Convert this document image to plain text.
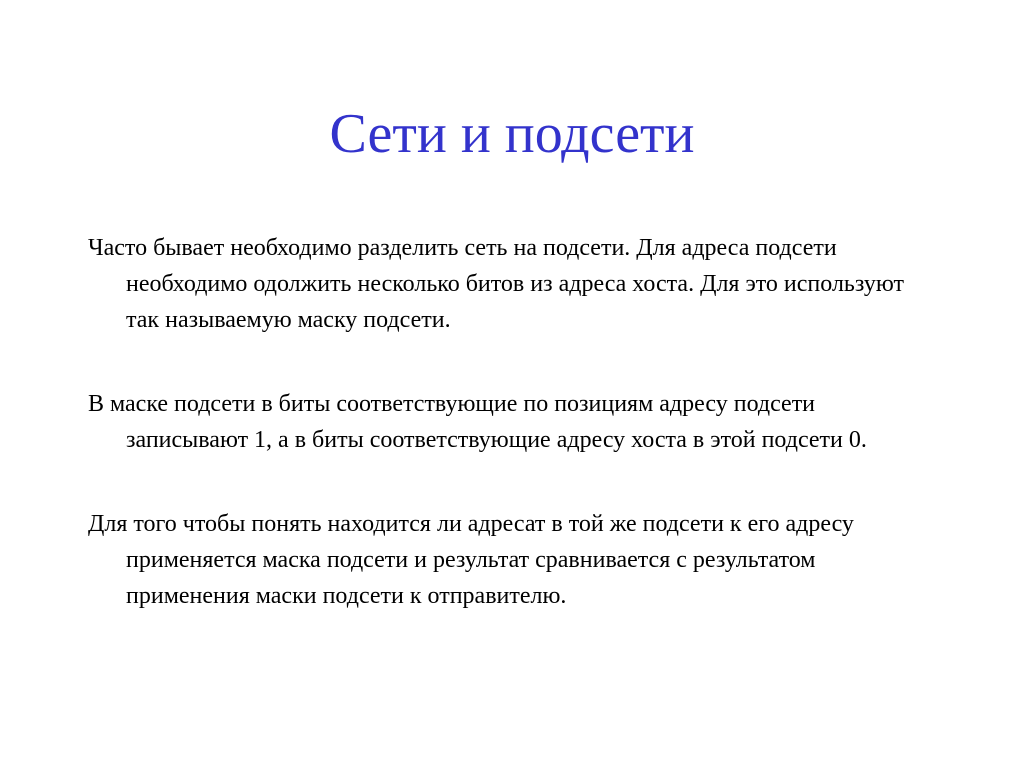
Сети и подсети

Часто бывает необходимо разделить сеть на подсети. Для адреса подсети необходимо одолжить несколько битов из адреса хоста. Для это используют так называемую маску подсети.

В маске подсети в биты соответствующие по позициям адресу подсети записывают 1, а в биты соответствующие адресу хоста в этой подсети 0.

Для того чтобы понять находится ли адресат в той же подсети к его адресу применяется маска подсети и результат сравнивается с результатом применения маски подсети к отправителю.
